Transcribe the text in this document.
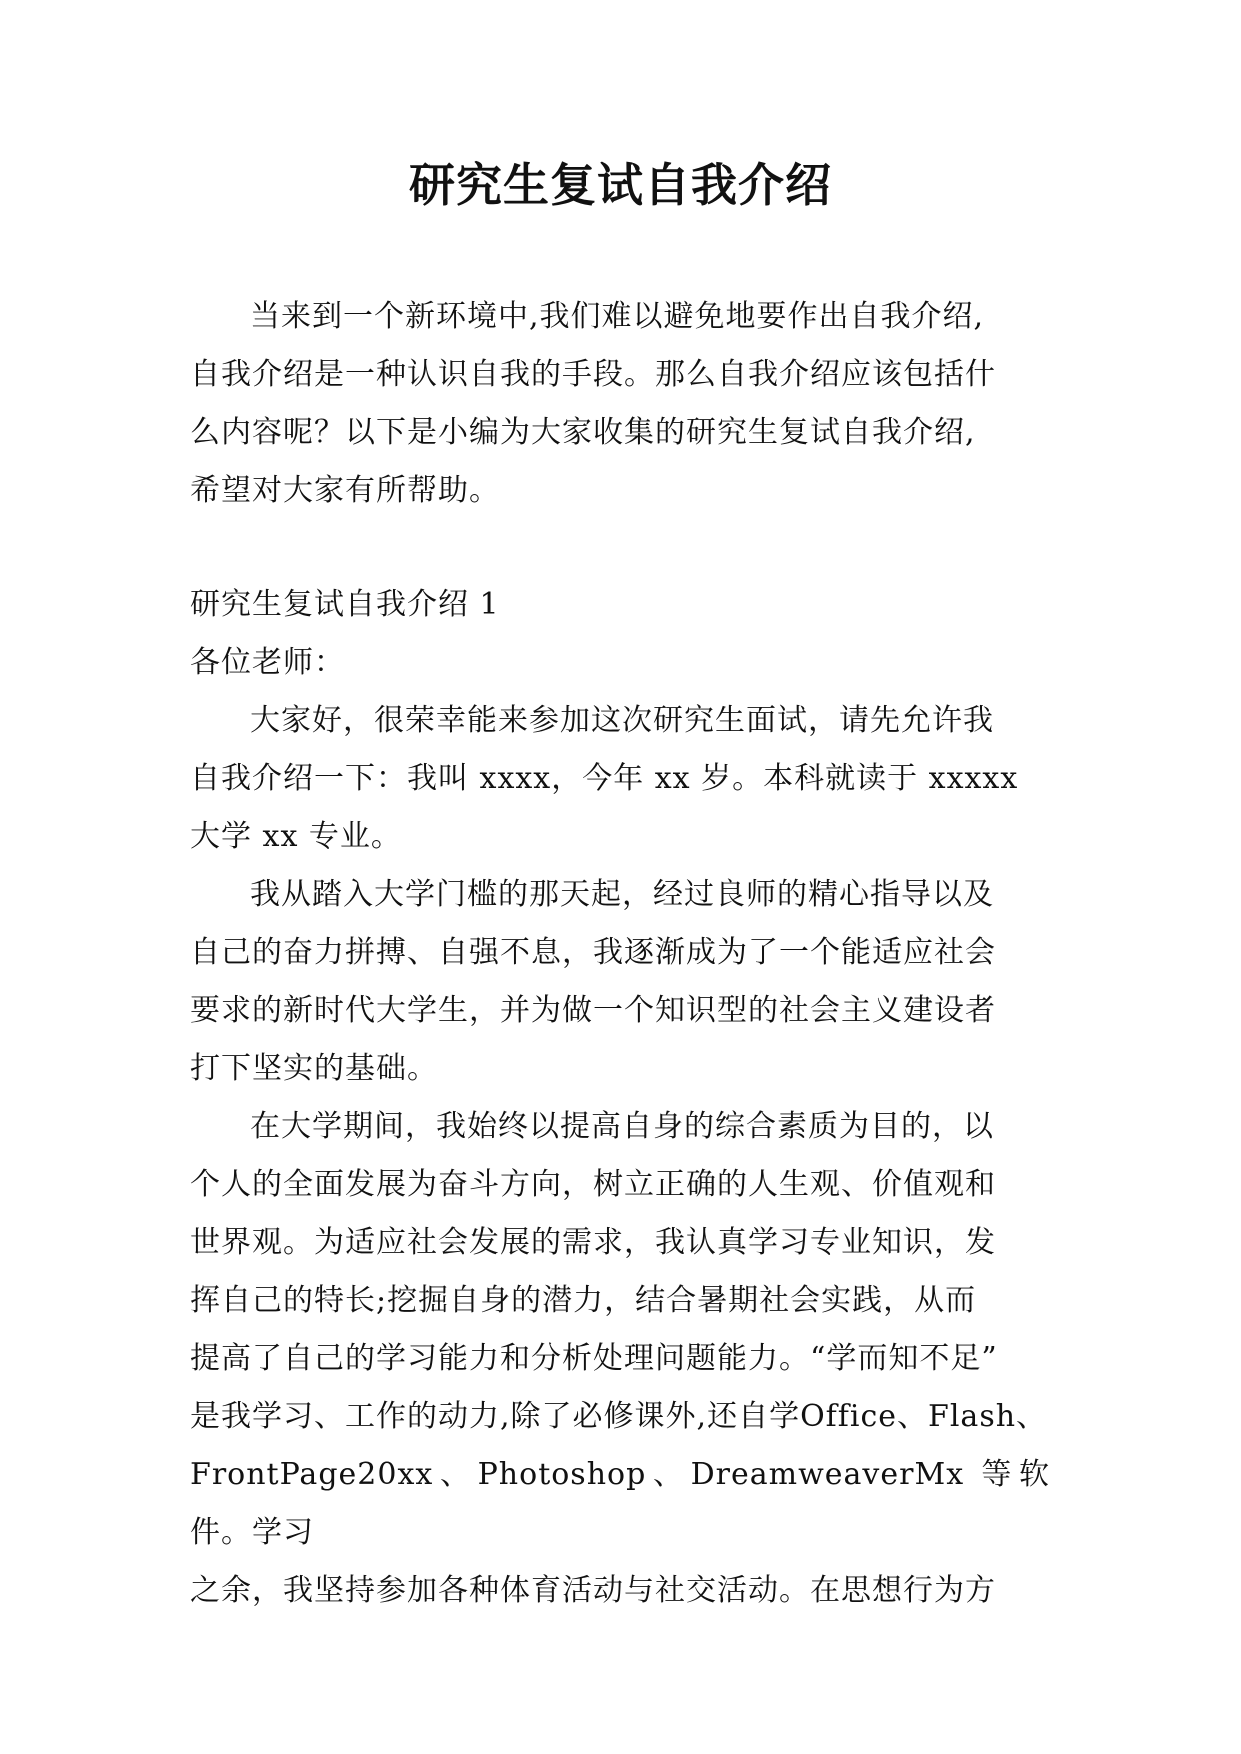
研究生复试自我介绍

当来到一个新环境中,我们难以避免地要作出自我介绍,
自我介绍是一种认识自我的手段。那么自我介绍应该包括什
么内容呢？以下是小编为大家收集的研究生复试自我介绍,
希望对大家有所帮助。

研究生复试自我介绍 1

各位老师：

大家好，很荣幸能来参加这次研究生面试，请先允许我
自我介绍一下：我叫 xxxx，今年 xx 岁。本科就读于 xxxxx
大学 xx 专业。

我从踏入大学门槛的那天起，经过良师的精心指导以及
自己的奋力拼搏、自强不息，我逐渐成为了一个能适应社会
要求的新时代大学生，并为做一个知识型的社会主义建设者
打下坚实的基础。

在大学期间，我始终以提高自身的综合素质为目的，以
个人的全面发展为奋斗方向，树立正确的人生观、价值观和
世界观。为适应社会发展的需求，我认真学习专业知识，发
挥自己的特长;挖掘自身的潜力，结合暑期社会实践，从而
提高了自己的学习能力和分析处理问题能力。“学而知不足”
是我学习、工作的动力,除了必修课外,还自学Office、Flash、
FrontPage20xx、Photoshop、DreamweaverMx 等软件。学习
之余，我坚持参加各种体育活动与社交活动。在思想行为方
